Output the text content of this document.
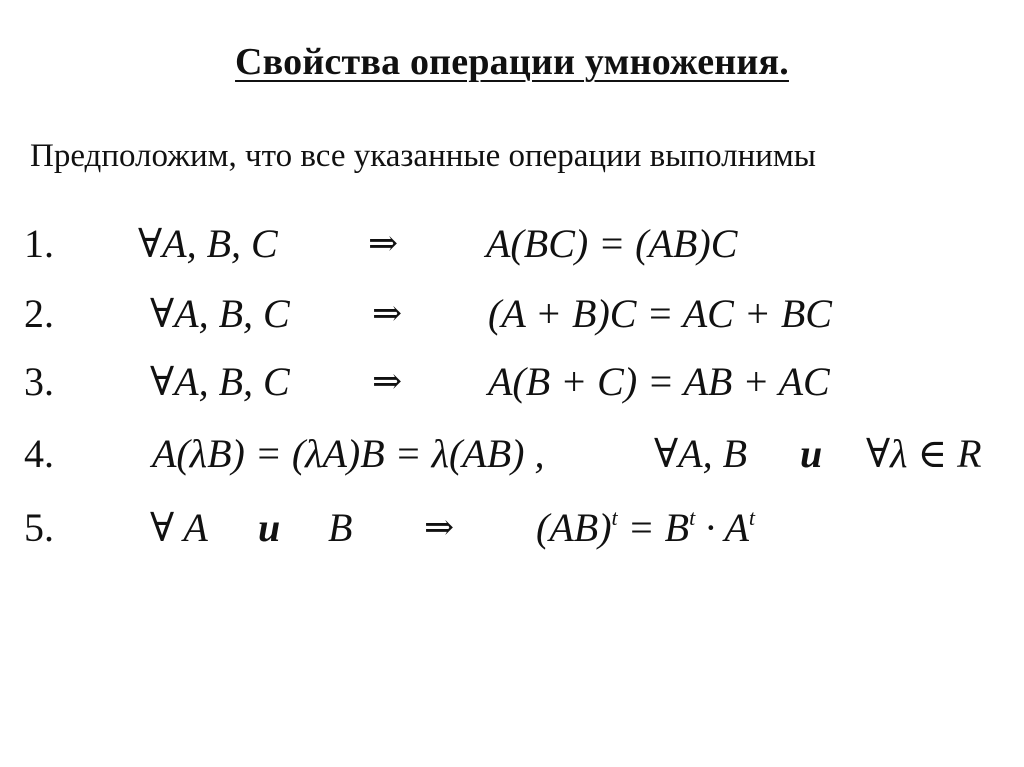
Свойства операции умножения.
Предположим, что все указанные операции выполнимы
1. ∀A, B, C	⇒ A(BC) = (AB)C
2. ∀A, B, C ⇒ (A + B)C = AC + BC
3. ∀A, B, C ⇒ A(B + C) = AB + AC
4. A(λB) = (λA)B = λ(AB) ,	∀A, B и ∀λ ∈ R
5. ∀ A и B ⇒ $(AB)^t = B^t \cdot A^t$
